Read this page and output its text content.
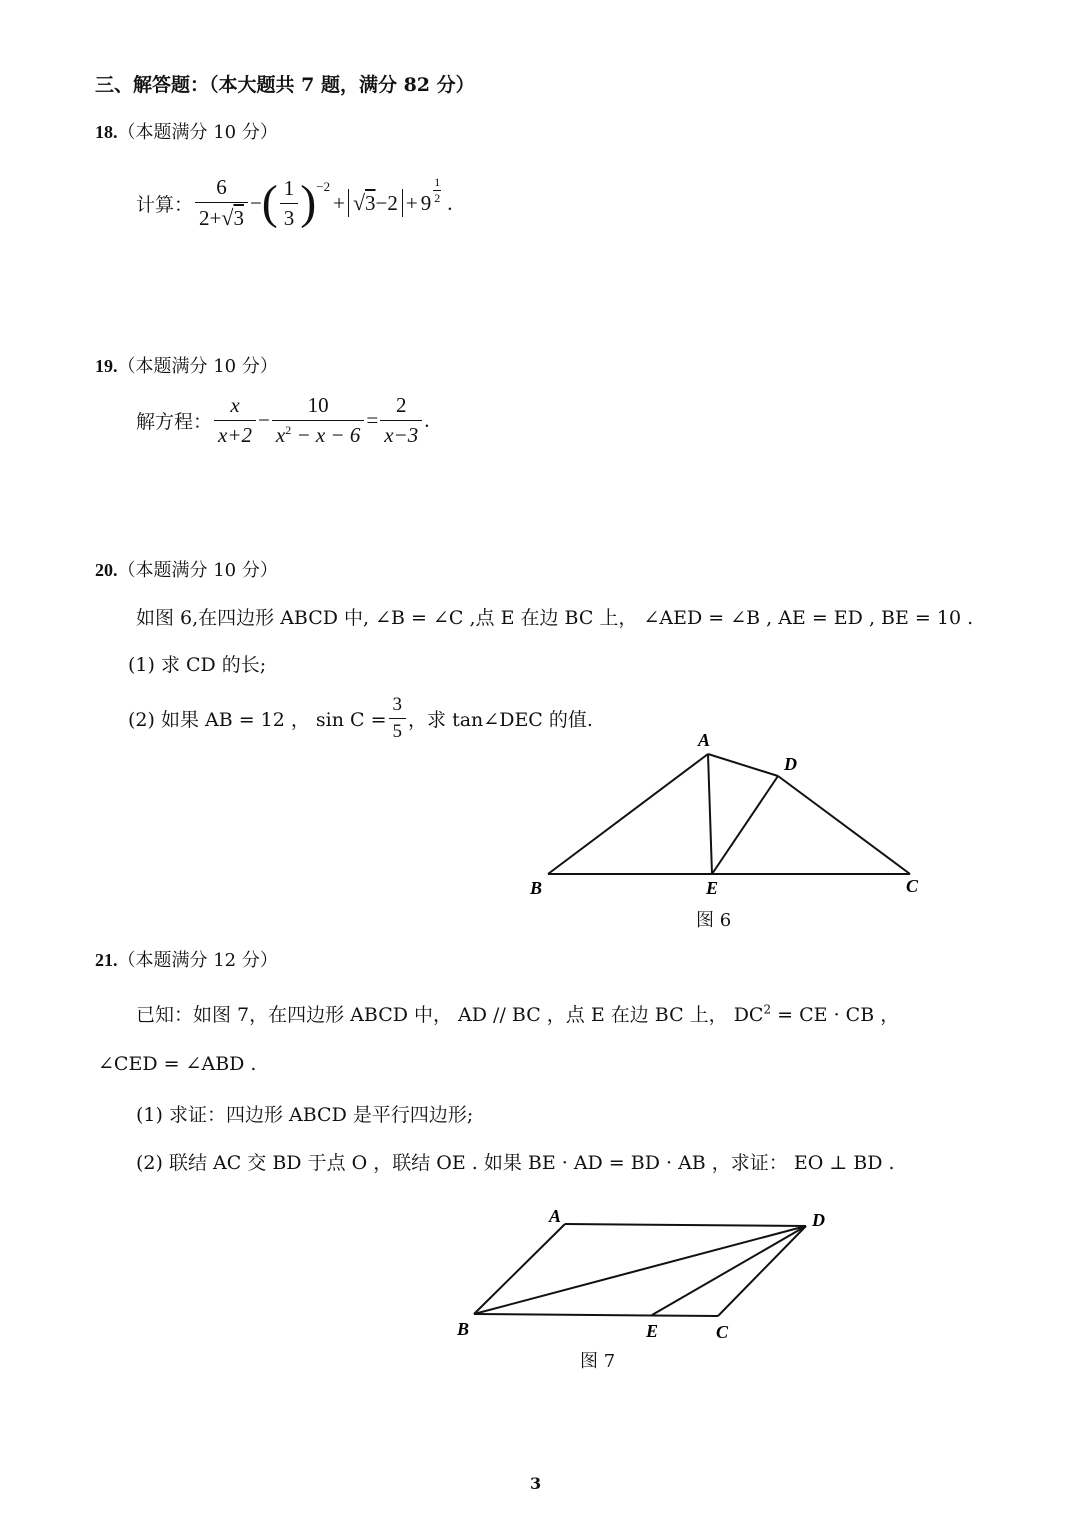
三、解答题：（本大题共 7 题，满分 82 分）
18.（本题满分 10 分）
计算： $\frac{6}{2+√3}$ − ( $\frac{1}{3} )^{-2}$
+ $√3-2 + 9 \frac{1}{2}$ .
19.（本题满分 10 分）
解方程： $\frac{x}{x+2} - \frac{10}{x^2 - x - 6} = \frac{2}{x-3}$ .
20.（本题满分 10 分）
如图 6,在四边形 ABCD 中, ∠B = ∠C ,点 E 在边 BC 上， ∠AED = ∠B , AE = ED , BE = 10 .
(1) 求 CD 的长;
(2) 如果 AB = 12 ， $\sin C = \frac{3}{5}$ ，求 tan∠DEC 的值.
A
D
B	E	C
图 6
21.（本题满分 12 分）
已知：如图 7，在四边形 ABCD 中， AD // BC ，点 E 在边 BC 上， $DC^2$ = CE · CB ，
∠CED = ∠ABD .
(1) 求证：四边形 ABCD 是平行四边形;
(2) 联结 AC 交 BD 于点 O ，联结 OE . 如果 BE · AD = BD · AB ，求证： EO ⊥ BD .
A	D
B	E	C
图 7
3
